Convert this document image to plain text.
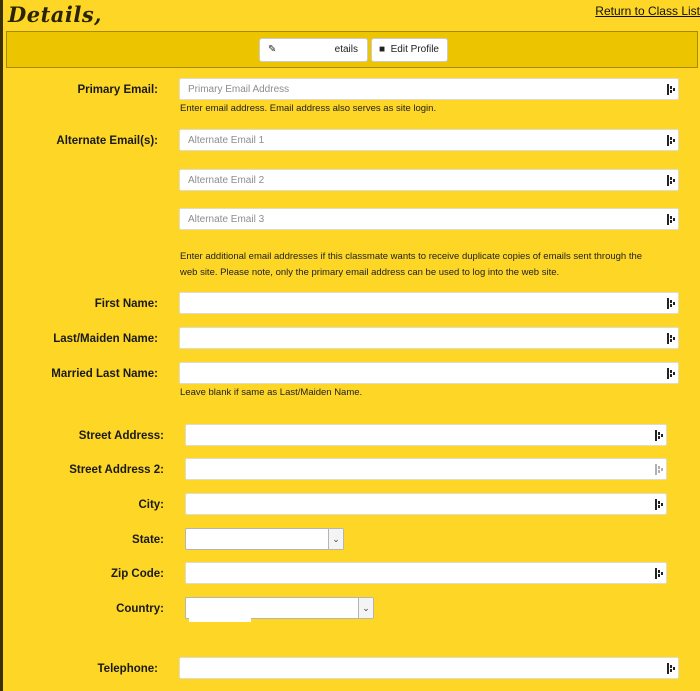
Details,	Return to Class List
✎	etails ■ Edit Profile
Primary Email:	Primary Email Address
Enter email address. Email address also serves as site login.
Alternate Email(s):	Alternate Email 1
Alternate Email 2
Alternate Email 3
Enter additional email addresses if this classmate wants to receive duplicate copies of emails sent through the
web site. Please note, only the primary email address can be used to log into the web site.
First Name:
Last/Maiden Name:
Married Last Name:
Leave blank if same as Last/Maiden Name.
Street Address:
Street Address 2:
City:
State:	⌄
Zip Code:
Country:	⌄
Telephone:
